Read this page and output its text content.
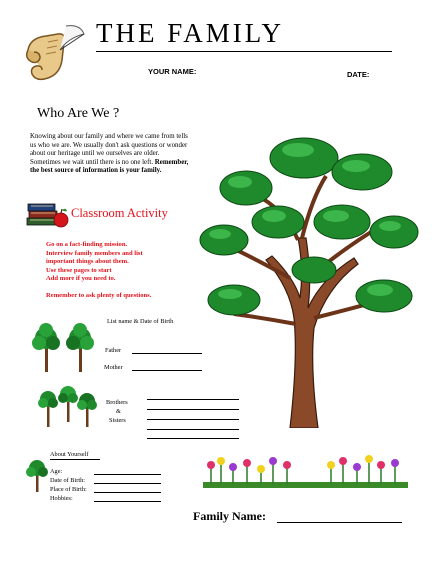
THE FAMILY
YOUR NAME:	DATE:
Who Are We ?
Knowing about our family and where we came from tells us who we are. We usually don't ask questions or wonder about our heritage until we ourselves are older. Sometimes we wait until there is no one left. Remember, the best source of information is your family.
Classroom Activity
Go on a fact-finding mission.
Interview family members and list
important things about them.
Use these pages to start
Add more if you need to.
Remember to ask plenty of questions.
List name & Date of Birth
Father
Mother
Brothers
&
Sisters
About Yourself
Age:
Date of Birth:
Place of Birth:
Hobbies:
Family Name:
